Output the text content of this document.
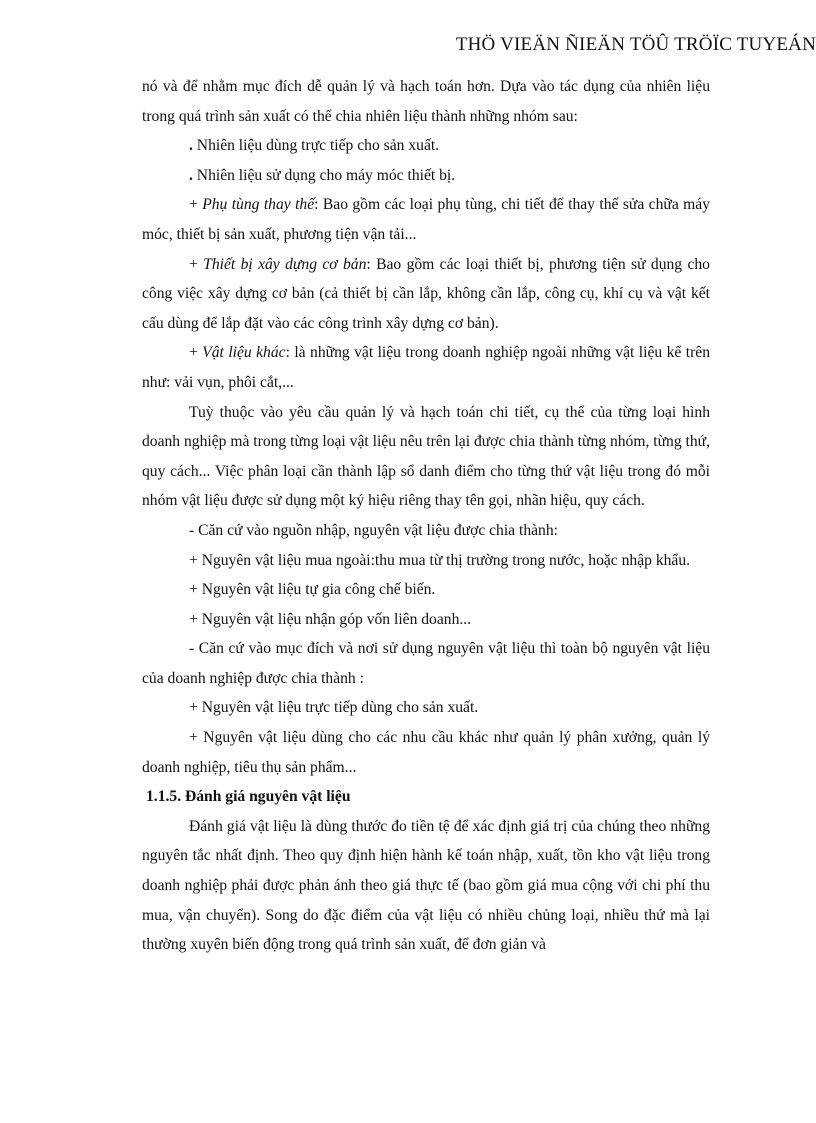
THÖ VIEÄN ÑIEÄN TÖÛ TRÖÏC TUYEÁN

nó và để nhằm mục đích dễ quản lý và hạch toán hơn. Dựa vào tác dụng của nhiên liệu trong quá trình sản xuất có thể chia nhiên liệu thành những nhóm sau:

. Nhiên liệu dùng trực tiếp cho sản xuất.

. Nhiên liệu sử dụng cho máy móc thiết bị.

+ Phụ tùng thay thế: Bao gồm các loại phụ tùng, chi tiết để thay thế sửa chữa máy móc, thiết bị sản xuất, phương tiện vận tải...

+ Thiết bị xây dựng cơ bản: Bao gồm các loại thiết bị, phương tiện sử dụng cho công việc xây dựng cơ bản (cả thiết bị cần lắp, không cần lắp, công cụ, khí cụ và vật kết cấu dùng để lắp đặt vào các công trình xây dựng cơ bản).

+ Vật liệu khác: là những vật liệu trong doanh nghiệp ngoài những vật liệu kể trên như: vải vụn, phôi cắt,...

Tuỳ thuộc vào yêu cầu quản lý và hạch toán chi tiết, cụ thể của từng loại hình doanh nghiệp mà trong từng loại vật liệu nêu trên lại được chia thành từng nhóm, từng thứ, quy cách... Việc phân loại cần thành lập sổ danh điểm cho từng thứ vật liệu trong đó mỗi nhóm vật liệu được sử dụng một ký hiệu riêng thay tên gọi, nhãn hiệu, quy cách.

- Căn cứ vào nguồn nhập, nguyên vật liệu được chia thành:

+ Nguyên vật liệu mua ngoài:thu mua từ thị trường trong nước, hoặc nhập khẩu.

+ Nguyên vật liệu tự gia công chế biến.

+ Nguyên vật liệu nhận góp vốn liên doanh...

- Căn cứ vào mục đích và nơi sử dụng nguyên vật liệu thì toàn bộ nguyên vật liệu của doanh nghiệp được chia thành :

+ Nguyên vật liệu trực tiếp dùng cho sản xuất.

+ Nguyên vật liệu dùng cho các nhu cầu khác như quản lý phân xưởng, quản lý doanh nghiệp, tiêu thụ sản phẩm...

1.1.5. Đánh giá nguyên vật liệu

Đánh giá vật liệu là dùng thước đo tiền tệ để xác định giá trị của chúng theo những nguyên tắc nhất định. Theo quy định hiện hành kế toán nhập, xuất, tồn kho vật liệu trong doanh nghiệp phải được phản ánh theo giá thực tế (bao gồm giá mua cộng với chi phí thu mua, vận chuyển). Song do đặc điểm của vật liệu có nhiều chủng loại, nhiều thứ mà lại thường xuyên biến động trong quá trình sản xuất, để đơn giản và
